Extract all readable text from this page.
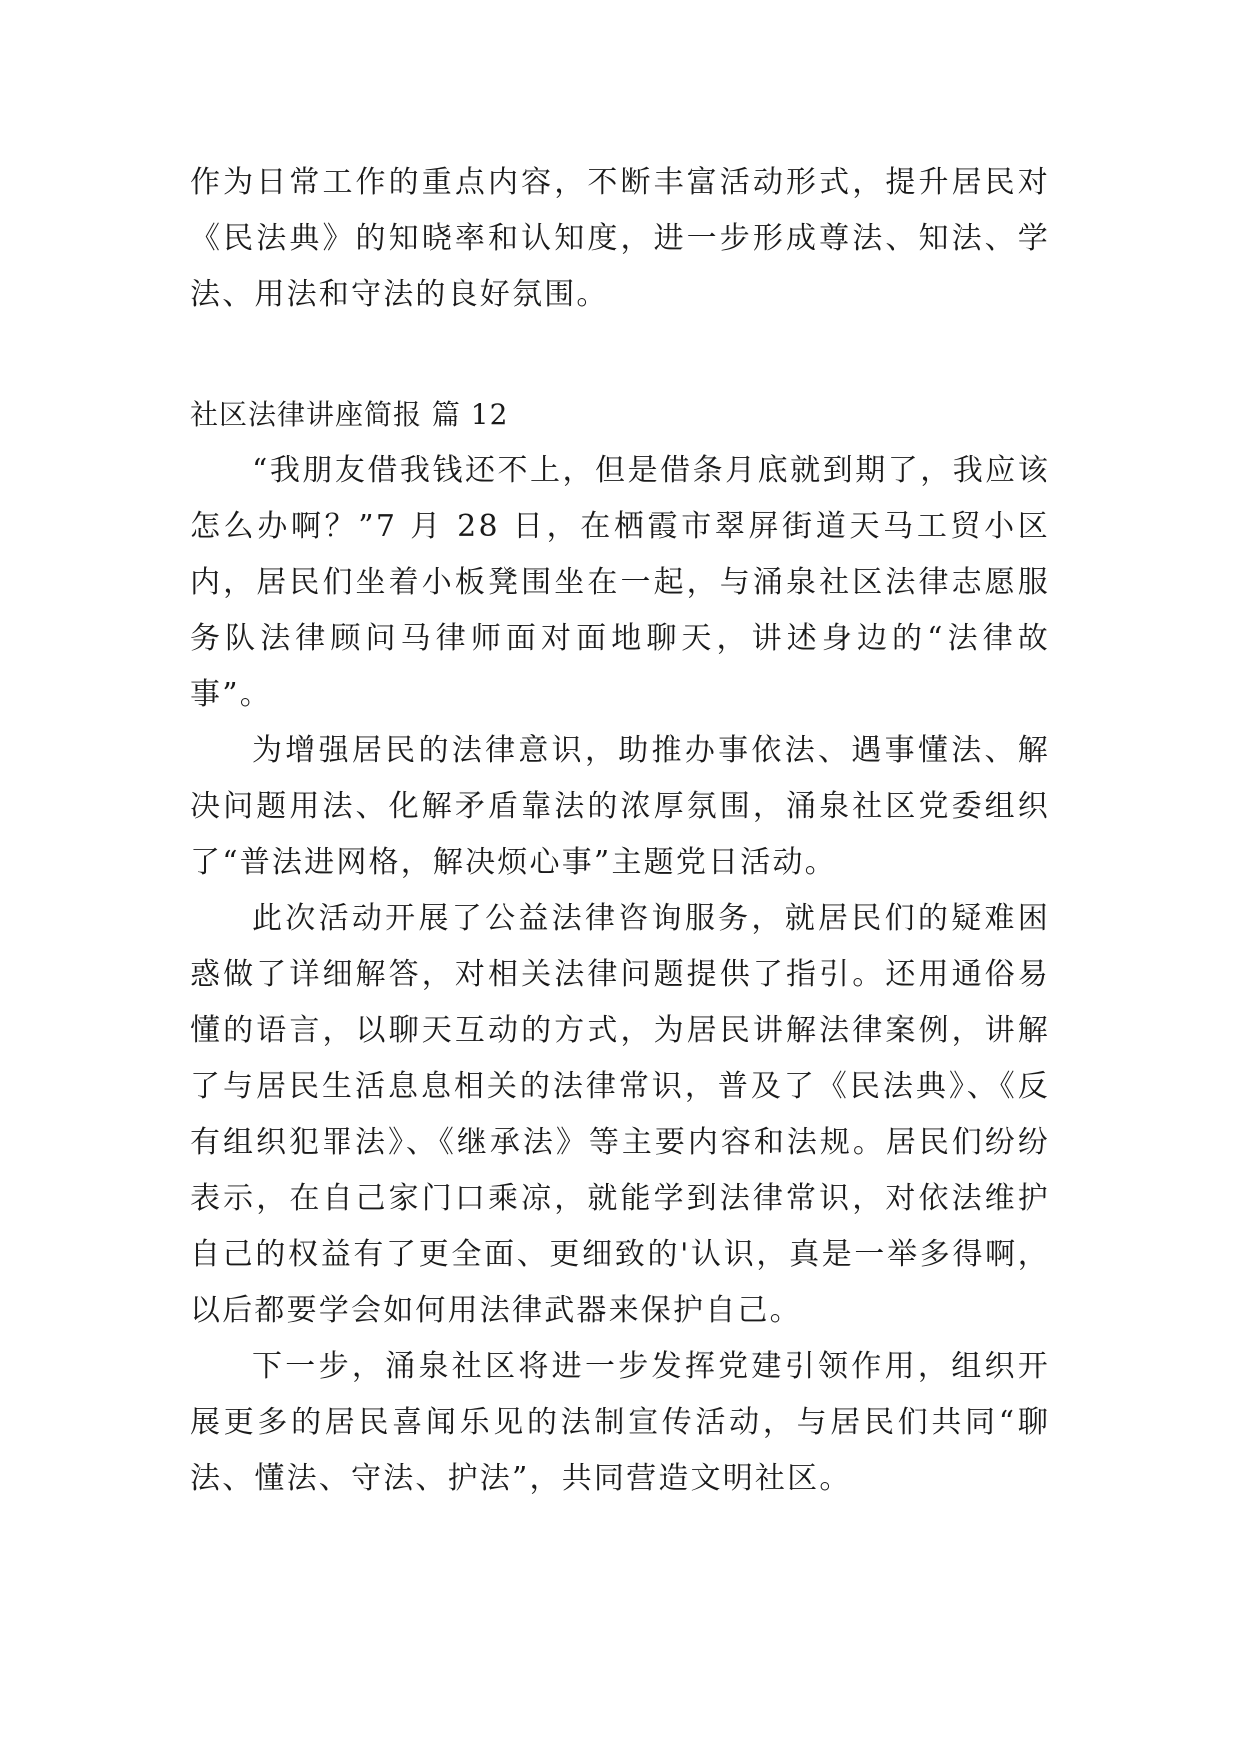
作为日常工作的重点内容，不断丰富活动形式，提升居民对《民法典》的知晓率和认知度，进一步形成尊法、知法、学法、用法和守法的良好氛围。

社区法律讲座简报 篇 12

“我朋友借我钱还不上，但是借条月底就到期了，我应该怎么办啊？”7 月 28 日，在栖霞市翠屏街道天马工贸小区内，居民们坐着小板凳围坐在一起，与涌泉社区法律志愿服务队法律顾问马律师面对面地聊天，讲述身边的“法律故事”。

为增强居民的法律意识，助推办事依法、遇事懂法、解决问题用法、化解矛盾靠法的浓厚氛围，涌泉社区党委组织了“普法进网格，解决烦心事”主题党日活动。

此次活动开展了公益法律咨询服务，就居民们的疑难困惑做了详细解答，对相关法律问题提供了指引。还用通俗易懂的语言，以聊天互动的方式，为居民讲解法律案例，讲解了与居民生活息息相关的法律常识，普及了《民法典》、《反有组织犯罪法》、《继承法》等主要内容和法规。居民们纷纷表示，在自己家门口乘凉，就能学到法律常识，对依法维护自己的权益有了更全面、更细致的'认识，真是一举多得啊，以后都要学会如何用法律武器来保护自己。

下一步，涌泉社区将进一步发挥党建引领作用，组织开展更多的居民喜闻乐见的法制宣传活动，与居民们共同“聊法、懂法、守法、护法”，共同营造文明社区。
